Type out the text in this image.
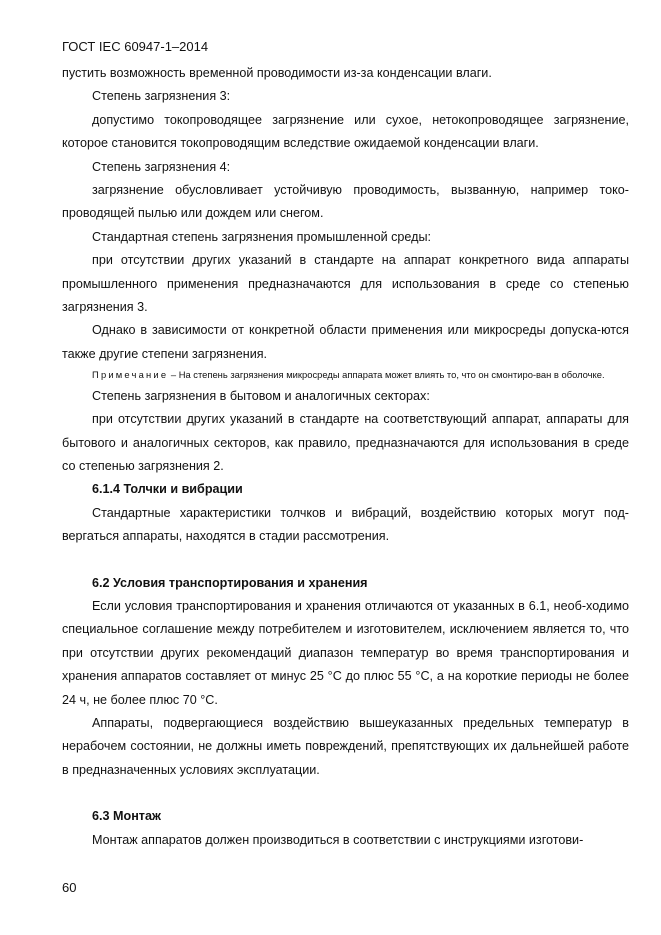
ГОСТ IEC 60947-1–2014

пустить возможность временной проводимости из-за конденсации влаги.

Степень загрязнения 3:

допустимо токопроводящее загрязнение или сухое, нетокопроводящее загрязнение, которое становится токопроводящим вследствие ожидаемой конденсации влаги.

Степень загрязнения 4:

загрязнение обусловливает устойчивую проводимость, вызванную, например токо-проводящей пылью или дождем или снегом.

Стандартная степень загрязнения промышленной среды:

при отсутствии других указаний в стандарте на аппарат конкретного вида аппараты промышленного применения предназначаются для использования в среде со степенью загрязнения 3.

Однако в зависимости от конкретной области применения или микросреды допуска-ются также другие степени загрязнения.

Примечание – На степень загрязнения микросреды аппарата может влиять то, что он смонтиро-ван в оболочке.

Степень загрязнения в бытовом и аналогичных секторах:

при отсутствии других указаний в стандарте на соответствующий аппарат, аппараты для бытового и аналогичных секторов, как правило, предназначаются для использования в среде со степенью загрязнения 2.

6.1.4 Толчки и вибрации

Стандартные характеристики толчков и вибраций, воздействию которых могут под-вергаться аппараты, находятся в стадии рассмотрения.

6.2 Условия транспортирования и хранения

Если условия транспортирования и хранения отличаются от указанных в 6.1, необ-ходимо специальное соглашение между потребителем и изготовителем, исключением является то, что при отсутствии других рекомендаций диапазон температур во время транспортирования и хранения аппаратов составляет от минус 25 °C до плюс 55 °C, а на короткие периоды не более 24 ч, не более плюс 70 °C.

Аппараты, подвергающиеся воздействию вышеуказанных предельных температур в нерабочем состоянии, не должны иметь повреждений, препятствующих их дальнейшей работе в предназначенных условиях эксплуатации.

6.3 Монтаж

Монтаж аппаратов должен производиться в соответствии с инструкциями изготови-

60
